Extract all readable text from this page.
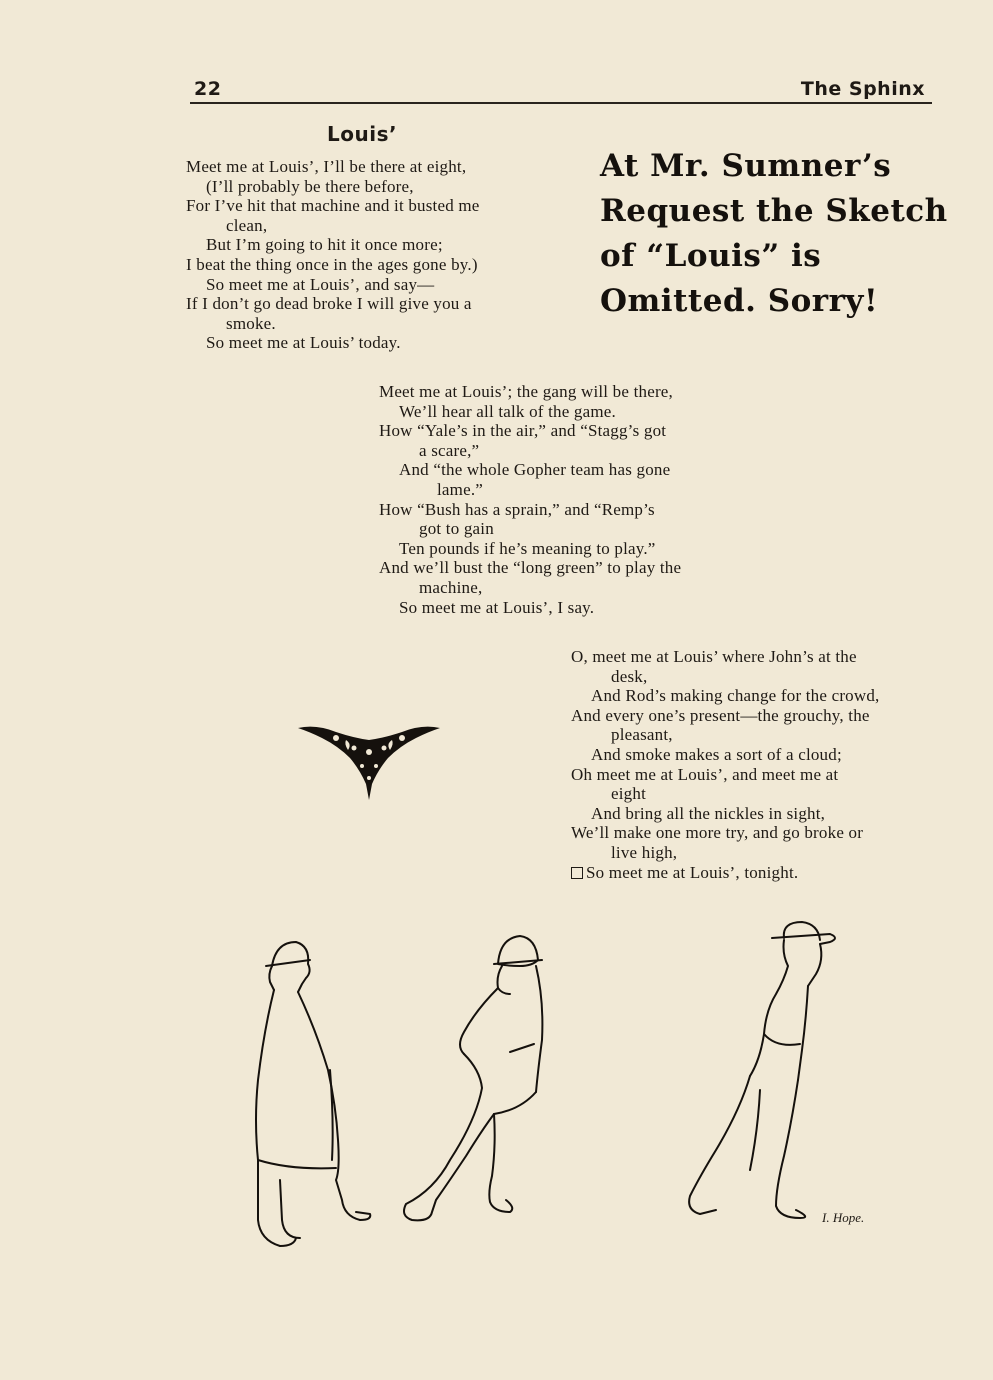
22	The Sphinx
Louis’
Meet me at Louis’, I’ll be there at eight,
(I’ll probably be there before,
For I’ve hit that machine and it busted me
clean,
But I’m going to hit it once more;
I beat the thing once in the ages gone by.)
So meet me at Louis’, and say—
If I don’t go dead broke I will give you a
smoke.
So meet me at Louis’ today.
At Mr. Sumner’s
Request the Sketch
of “Louis” is
Omitted. Sorry!
Meet me at Louis’; the gang will be there,
We’ll hear all talk of the game.
How “Yale’s in the air,” and “Stagg’s got
a scare,”
And “the whole Gopher team has gone
lame.”
How “Bush has a sprain,” and “Remp’s
got to gain
Ten pounds if he’s meaning to play.”
And we’ll bust the “long green” to play the
machine,
So meet me at Louis’, I say.
O, meet me at Louis’ where John’s at the
desk,
And Rod’s making change for the crowd,
And every one’s present—the grouchy, the
pleasant,
And smoke makes a sort of a cloud;
Oh meet me at Louis’, and meet me at
eight
And bring all the nickles in sight,
We’ll make one more try, and go broke or
live high,
So meet me at Louis’, tonight.
I. Hope.
